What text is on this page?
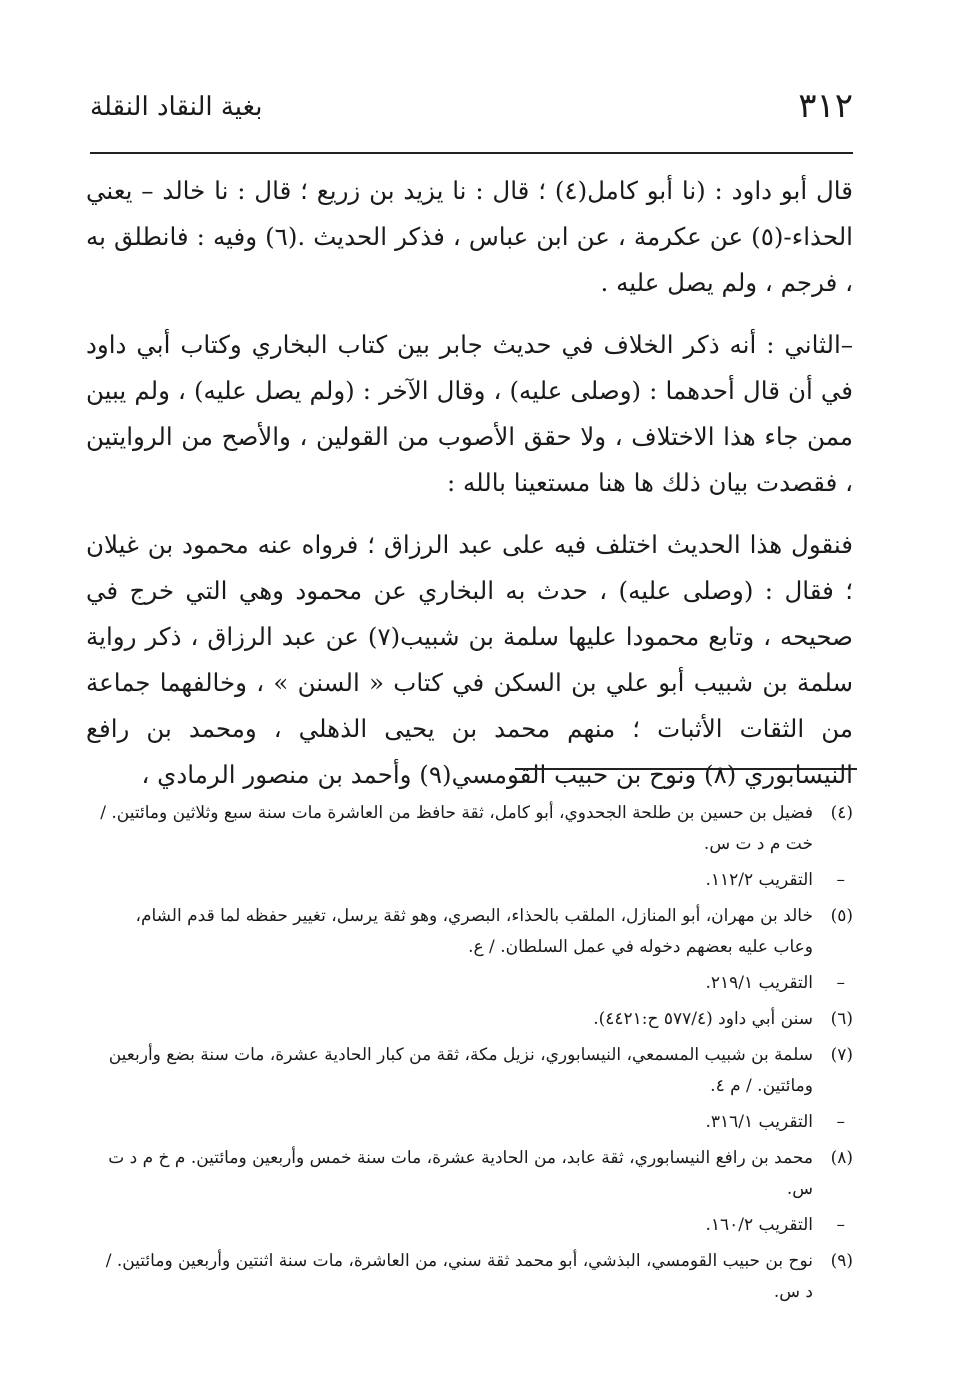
٣١٢
بغية النقاد النقلة

قال أبو داود : (نا أبو كامل(٤) ؛ قال : نا يزيد بن زريع ؛ قال : نا خالد – يعني الحذاء-(٥) عن عكرمة ، عن ابن عباس ، فذكر الحديث .(٦) وفيه : فانطلق به ، فرجم ، ولم يصل عليه .

–الثاني : أنه ذكر الخلاف في حديث جابر بين كتاب البخاري وكتاب أبي داود في أن قال أحدهما : (وصلى عليه) ، وقال الآخر : (ولم يصل عليه) ، ولم يبين ممن جاء هذا الاختلاف ، ولا حقق الأصوب من القولين ، والأصح من الروايتين ، فقصدت بيان ذلك ها هنا مستعينا بالله :

فنقول هذا الحديث اختلف فيه على عبد الرزاق ؛ فرواه عنه محمود بن غيلان ؛ فقال : (وصلى عليه) ، حدث به البخاري عن محمود وهي التي خرج في صحيحه ، وتابع محمودا عليها سلمة بن شبيب(٧) عن عبد الرزاق ، ذكر رواية سلمة بن شبيب أبو علي بن السكن في كتاب « السنن » ، وخالفهما جماعة من الثقات الأثبات ؛ منهم محمد بن يحيى الذهلي ، ومحمد بن رافع النيسابوري (٨) ونوح بن حبيب القومسي(٩) وأحمد بن منصور الرمادي ،

(٤)
فضيل بن حسين بن طلحة الجحدوي، أبو كامل، ثقة حافظ من العاشرة مات سنة سبع وثلاثين ومائتين. / خت م د ت س.
–
التقريب ١١٢/٢.
(٥)
خالد بن مهران، أبو المنازل، الملقب بالحذاء، البصري، وهو ثقة يرسل، تغيير حفظه لما قدم الشام، وعاب عليه بعضهم دخوله في عمل السلطان. / ع.
–
التقريب ٢١٩/١.
(٦)
سنن أبي داود (٥٧٧/٤ ح:٤٤٢١).
(٧)
سلمة بن شبيب المسمعي، النيسابوري، نزيل مكة، ثقة من كبار الحادية عشرة، مات سنة بضع وأربعين ومائتين. / م ٤.
–
التقريب ٣١٦/١.
(٨)
محمد بن رافع النيسابوري، ثقة عابد، من الحادية عشرة، مات سنة خمس وأربعين ومائتين. م خ م د ت س.
–
التقريب ١٦٠/٢.
(٩)
نوح بن حبيب القومسي، البذشي، أبو محمد ثقة سني، من العاشرة، مات سنة اثنتين وأربعين ومائتين. / د س.
